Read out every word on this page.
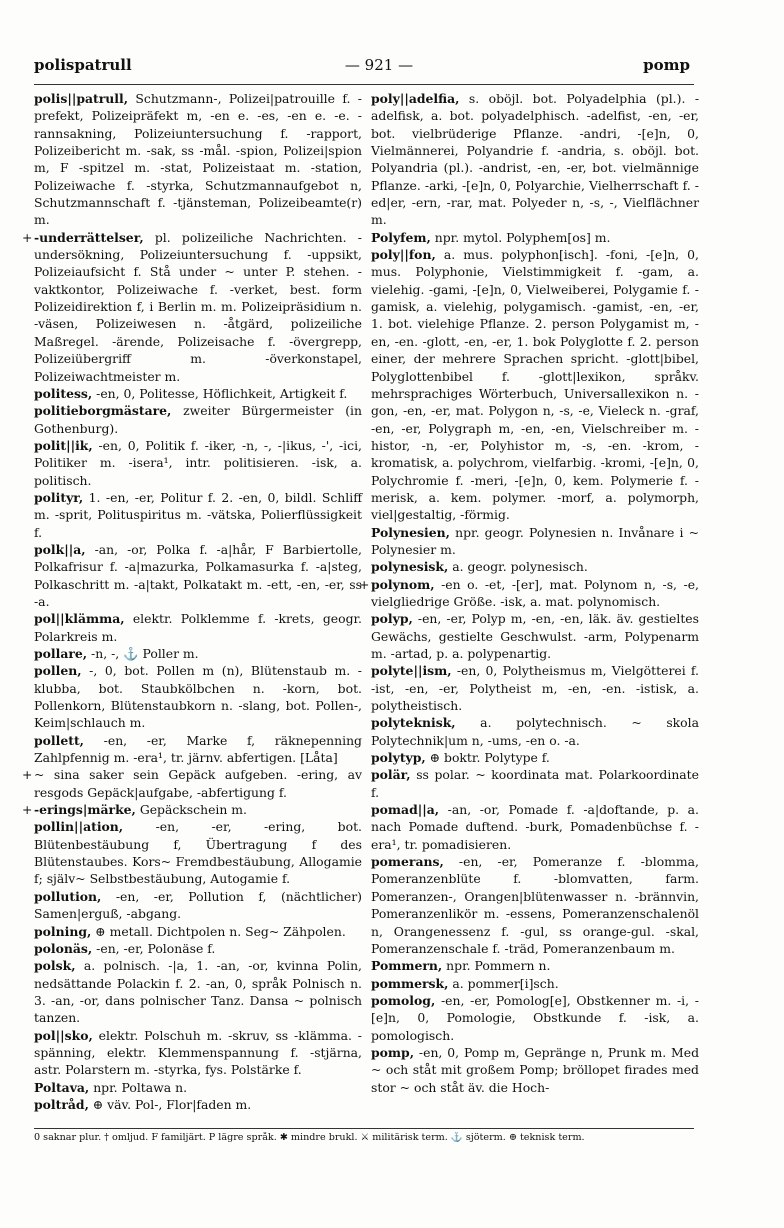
polispatrull	— 921 —	pomp

polis||patrull, Schutzmann-, Polizei|patrouille f. -prefekt, Polizeipräfekt m, -en e. -es, -en e. -e. -rannsakning, Polizeiuntersuchung f. -rapport, Polizeibericht m. -sak, ss -mål. -spion, Polizei|spion m, F -spitzel m. -stat, Polizeistaat m. -station, Polizeiwache f. -styrka, Schutzmannaufgebot n, Schutzmannschaft f. -tjänsteman, Polizeibeamte(r) m.

+ -underrättelser, pl. polizeiliche Nachrichten. -undersökning, Polizeiuntersuchung f. -uppsikt, Polizeiaufsicht f. Stå under ~ unter P. stehen. -vaktkontor, Polizeiwache f. -verket, best. form Polizeidirektion f, i Berlin m. m. Polizeipräsidium n. -väsen, Polizeiwesen n. -åtgärd, polizeiliche Maßregel. -ärende, Polizeisache f. -övergrepp, Polizeiübergriff m. -överkonstapel, Polizeiwachtmeister m.

politess, -en, 0, Politesse, Höflichkeit, Artigkeit f.

politieborgmästare, zweiter Bürgermeister (in Gothenburg).

polit||ik, -en, 0, Politik f. -iker, -n, -, -|ikus, -', -ici, Politiker m. -isera¹, intr. politisieren. -isk, a. politisch.

polityr, 1. -en, -er, Politur f. 2. -en, 0, bildl. Schliff m. -sprit, Polituspiritus m. -vätska, Polierflüssigkeit f.

polk||a, -an, -or, Polka f. -a|hår, F Barbiertolle, Polkafrisur f. -a|mazurka, Polkamasurka f. -a|steg, Polkaschritt m. -a|takt, Polkatakt m. -ett, -en, -er, ss -a.

pol||klämma, elektr. Polklemme f. -krets, geogr. Polarkreis m.

pollare, -n, -, ⚓ Poller m.

pollen, -, 0, bot. Pollen m (n), Blütenstaub m. -klubba, bot. Staubkölbchen n. -korn, bot. Pollenkorn, Blütenstaubkorn n. -slang, bot. Pollen-, Keim|schlauch m.

pollett, -en, -er, Marke f, räknepenning Zahlpfennig m. -era¹, tr. järnv. abfertigen. [Låta]

+ ~ sina saker sein Gepäck aufgeben. -ering, av resgods Gepäck|aufgabe, -abfertigung f.

+ -erings|märke, Gepäckschein m.

pollin||ation, -en, -er, -ering, bot. Blütenbestäubung f, Übertragung f des Blütenstaubes. Kors~ Fremdbestäubung, Allogamie f; själv~ Selbstbestäubung, Autogamie f.

pollution, -en, -er, Pollution f, (nächtlicher) Samen|erguß, -abgang.

polning, ⊕ metall. Dichtpolen n. Seg~ Zähpolen.

polonäs, -en, -er, Polonäse f.

polsk, a. polnisch. -|a, 1. -an, -or, kvinna Polin, nedsättande Polackin f. 2. -an, 0, språk Polnisch n. 3. -an, -or, dans polnischer Tanz. Dansa ~ polnisch tanzen.

pol||sko, elektr. Polschuh m. -skruv, ss -klämma. -spänning, elektr. Klemmenspannung f. -stjärna, astr. Polarstern m. -styrka, fys. Polstärke f.

Poltava, npr. Poltawa n.

poltråd, ⊕ väv. Pol-, Flor|faden m.

poly||adelfia, s. oböjl. bot. Polyadelphia (pl.). -adelfisk, a. bot. polyadelphisch. -adelfist, -en, -er, bot. vielbrüderige Pflanze. -andri, -[e]n, 0, Vielmännerei, Polyandrie f. -andria, s. oböjl. bot. Polyandria (pl.). -andrist, -en, -er, bot. vielmännige Pflanze. -arki, -[e]n, 0, Polyarchie, Vielherrschaft f. -ed|er, -ern, -rar, mat. Polyeder n, -s, -, Vielflächner m.

Polyfem, npr. mytol. Polyphem[os] m.

poly||fon, a. mus. polyphon[isch]. -foni, -[e]n, 0, mus. Polyphonie, Vielstimmigkeit f. -gam, a. vielehig. -gami, -[e]n, 0, Vielweiberei, Polygamie f. -gamisk, a. vielehig, polygamisch. -gamist, -en, -er, 1. bot. vielehige Pflanze. 2. person Polygamist m, -en, -en. -glott, -en, -er, 1. bok Polyglotte f. 2. person einer, der mehrere Sprachen spricht. -glott|bibel, Polyglottenbibel f. -glott|lexikon, språkv. mehrsprachiges Wörterbuch, Universallexikon n. -gon, -en, -er, mat. Polygon n, -s, -e, Vieleck n. -graf, -en, -er, Polygraph m, -en, -en, Vielschreiber m. -histor, -n, -er, Polyhistor m, -s, -en. -krom, -kromatisk, a. polychrom, vielfarbig. -kromi, -[e]n, 0, Polychromie f. -meri, -[e]n, 0, kem. Polymerie f. -merisk, a. kem. polymer. -morf, a. polymorph, viel|gestaltig, -förmig.

Polynesien, npr. geogr. Polynesien n. Invånare i ~ Polynesier m.

polynesisk, a. geogr. polynesisch.

+ polynom, -en o. -et, -[er], mat. Polynom n, -s, -e, vielgliedrige Größe. -isk, a. mat. polynomisch.

polyp, -en, -er, Polyp m, -en, -en, läk. äv. gestieltes Gewächs, gestielte Geschwulst. -arm, Polypenarm m. -artad, p. a. polypenartig.

polyte||ism, -en, 0, Polytheismus m, Vielgötterei f. -ist, -en, -er, Polytheist m, -en, -en. -istisk, a. polytheistisch.

polyteknisk, a. polytechnisch. ~ skola Polytechnik|um n, -ums, -en o. -a.

polytyp, ⊕ boktr. Polytype f.

polär, ss polar. ~ koordinata mat. Polarkoordinate f.

pomad||a, -an, -or, Pomade f. -a|doftande, p. a. nach Pomade duftend. -burk, Pomadenbüchse f. -era¹, tr. pomadisieren.

pomerans, -en, -er, Pomeranze f. -blomma, Pomeranzenblüte f. -blomvatten, farm. Pomeranzen-, Orangen|blütenwasser n. -brännvin, Pomeranzenlikör m. -essens, Pomeranzenschalenöl n, Orangenessenz f. -gul, ss orange-gul. -skal, Pomeranzenschale f. -träd, Pomeranzenbaum m.

Pommern, npr. Pommern n.

pommersk, a. pommer[i]sch.

pomolog, -en, -er, Pomolog[e], Obstkenner m. -i, -[e]n, 0, Pomologie, Obstkunde f. -isk, a. pomologisch.

pomp, -en, 0, Pomp m, Gepränge n, Prunk m. Med ~ och ståt mit großem Pomp; bröllopet firades med stor ~ och ståt äv. die Hoch-

0 saknar plur. † omljud. F familjärt. P lägre språk. ✱ mindre brukl. ⚔ militärisk term. ⚓ sjöterm. ⊕ teknisk term.
